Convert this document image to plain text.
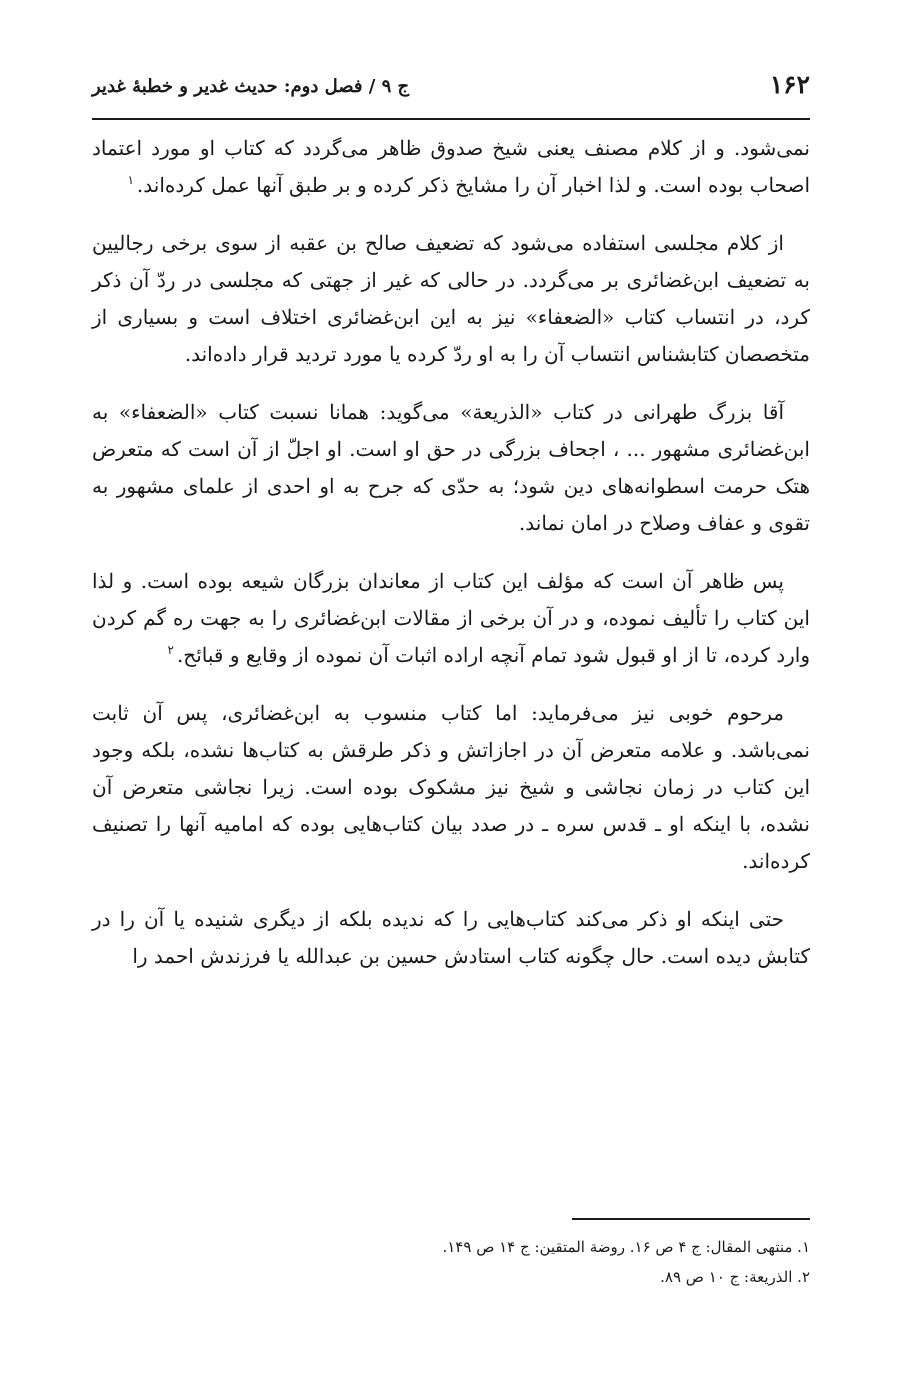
۱۶۲
ج ۹ / فصل دوم: حدیث غدیر و خطبهٔ غدیر

نمی‌شود. و از کلام مصنف یعنی شیخ صدوق ظاهر می‌گردد که کتاب او مورد اعتماد اصحاب بوده است. و لذا اخبار آن را مشایخ ذکر کرده و بر طبق آنها عمل کرده‌اند.$^۱$

از کلام مجلسی استفاده می‌شود که تضعیف صالح بن عقبه از سوی برخی رجالیین به تضعیف ابن‌غضائری بر می‌گردد. در حالی که غیر از جهتی که مجلسی در ردّ آن ذکر کرد، در انتساب کتاب «الضعفاء» نیز به این ابن‌غضائری اختلاف است و بسیاری از متخصصان کتابشناس انتساب آن را به او ردّ کرده یا مورد تردید قرار داده‌اند.

آقا بزرگ طهرانی در کتاب «الذریعة» می‌گوید: همانا نسبت کتاب «الضعفاء» به ابن‌غضائری مشهور ... ، اجحاف بزرگی در حق او است. او اجلّ از آن است که متعرض هتک حرمت اسطوانه‌های دین شود؛ به حدّی که جرح به او احدی از علمای مشهور به تقوی و عفاف وصلاح در امان نماند.

پس ظاهر آن است که مؤلف این کتاب از معاندان بزرگان شیعه بوده است. و لذا این کتاب را تألیف نموده، و در آن برخی از مقالات ابن‌غضائری را به جهت ره گم کردن وارد کرده، تا از او قبول شود تمام آنچه اراده اثبات آن نموده از وقایع و قبائح.$^۲$

مرحوم خوبی نیز می‌فرماید: اما کتاب منسوب به ابن‌غضائری، پس آن ثابت نمی‌باشد. و علامه متعرض آن در اجازاتش و ذکر طرقش به کتاب‌ها نشده، بلکه وجود این کتاب در زمان نجاشی و شیخ نیز مشکوک بوده است. زیرا نجاشی متعرض آن نشده، با اینکه او ـ قدس سره ـ در صدد بیان کتاب‌هایی بوده که امامیه آنها را تصنیف کرده‌اند.

حتی اینکه او ذکر می‌کند کتاب‌هایی را که ندیده بلکه از دیگری شنیده یا آن را در کتابش دیده است. حال چگونه کتاب استادش حسین بن عبدالله یا فرزندش احمد را

۱. منتهی المقال: ج ۴ ص ۱۶. روضة المتقین: ج ۱۴ ص ۱۴۹.
۲. الذریعة: ج ۱۰ ص ۸۹.
